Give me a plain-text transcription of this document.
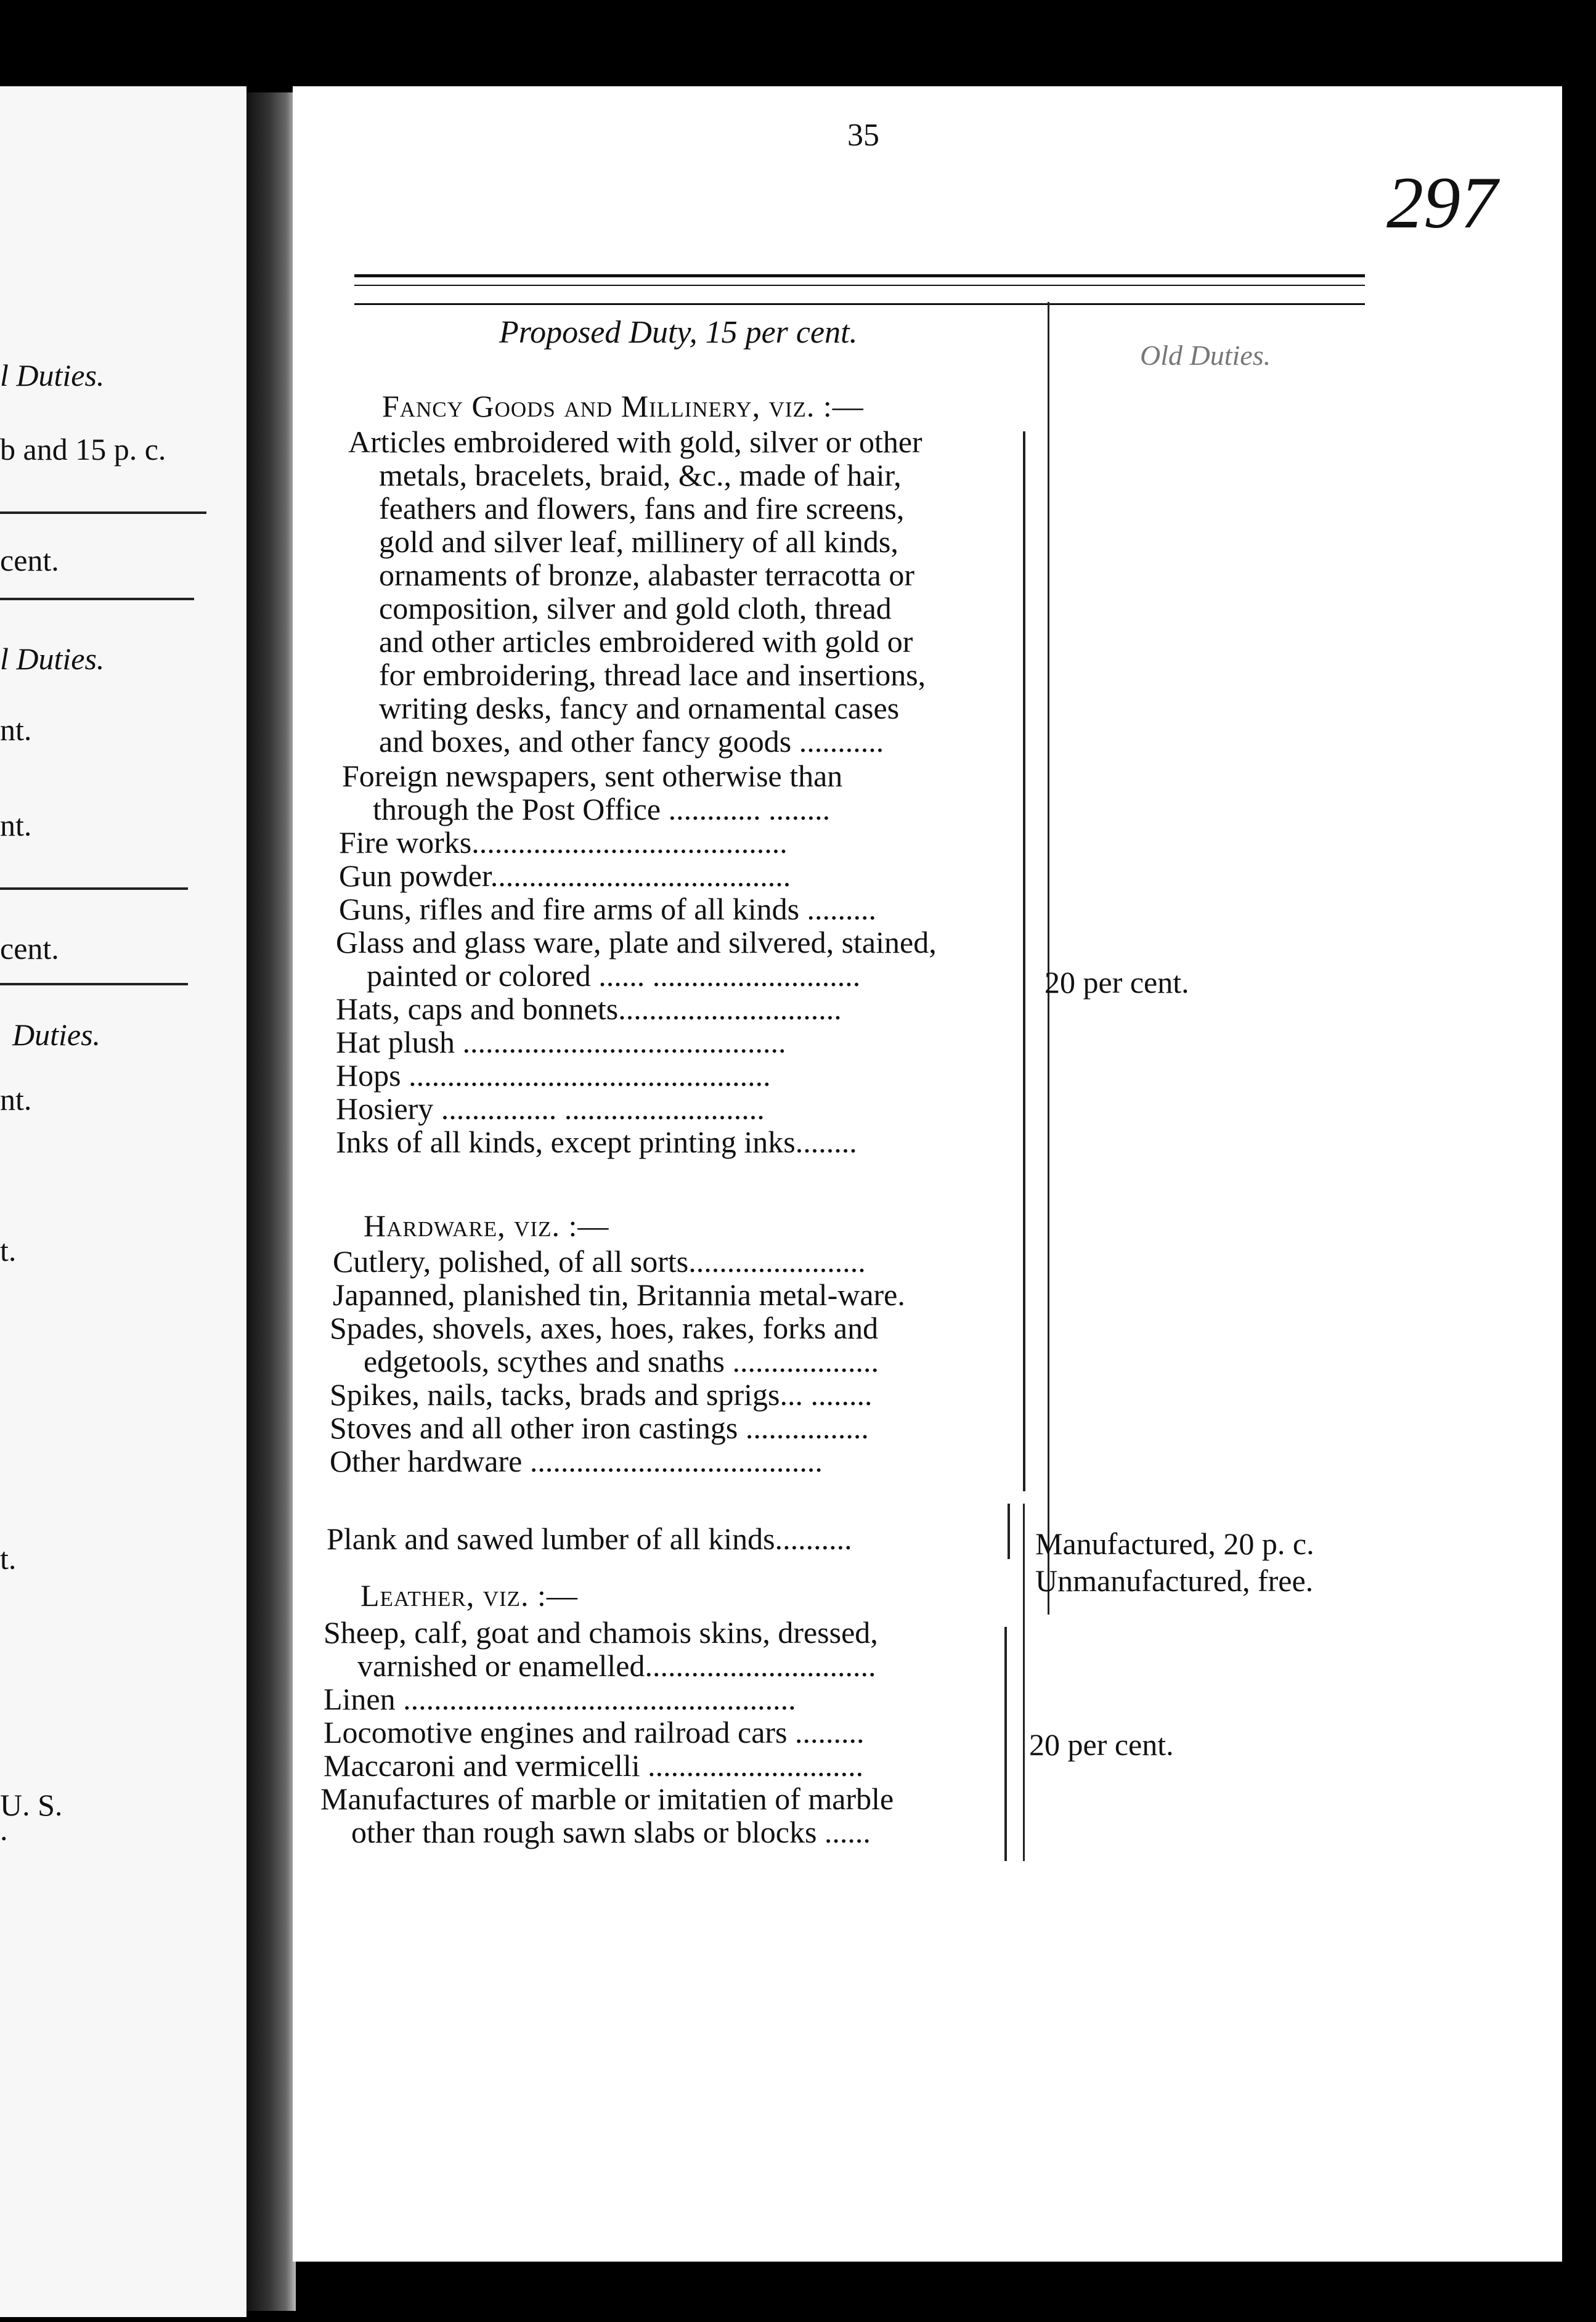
l Duties.
b and 15 p. c.
cent.
l Duties.
nt.
nt.
cent.
Duties.
nt.
t.
t.
U. S.
.
35
297
Proposed Duty, 15 per cent.
Old Duties.
Fancy Goods and Millinery, viz. :—
Articles embroidered with gold, silver or other
metals, bracelets, braid, &c., made of hair,
feathers and flowers, fans and fire screens,
gold and silver leaf, millinery of all kinds,
ornaments of bronze, alabaster terracotta or
composition, silver and gold cloth, thread
and other articles embroidered with gold or
for embroidering, thread lace and insertions,
writing desks, fancy and ornamental cases
and boxes, and other fancy goods ...........
Foreign newspapers, sent otherwise than
through the Post Office ............ ........
Fire works.........................................
Gun powder.......................................
Guns, rifles and fire arms of all kinds .........
Glass and glass ware, plate and silvered, stained,
painted or colored ...... ...........................
Hats, caps and bonnets.............................
Hat plush ..........................................
Hops ...............................................
Hosiery ............... ..........................
Inks of all kinds, except printing inks........
Hardware, viz. :—
Cutlery, polished, of all sorts.......................
Japanned, planished tin, Britannia metal-ware.
Spades, shovels, axes, hoes, rakes, forks and
edgetools, scythes and snaths ...................
Spikes, nails, tacks, brads and sprigs... ........
Stoves and all other iron castings ................
Other hardware ......................................
Plank and sawed lumber of all kinds..........
Leather, viz. :—
Sheep, calf, goat and chamois skins, dressed,
varnished or enamelled..............................
Linen ...................................................
Locomotive engines and railroad cars .........
Maccaroni and vermicelli ............................
Manufactures of marble or imitatien of marble
other than rough sawn slabs or blocks ......
20 per cent.
Manufactured, 20 p. c.
Unmanufactured, free.
20 per cent.
